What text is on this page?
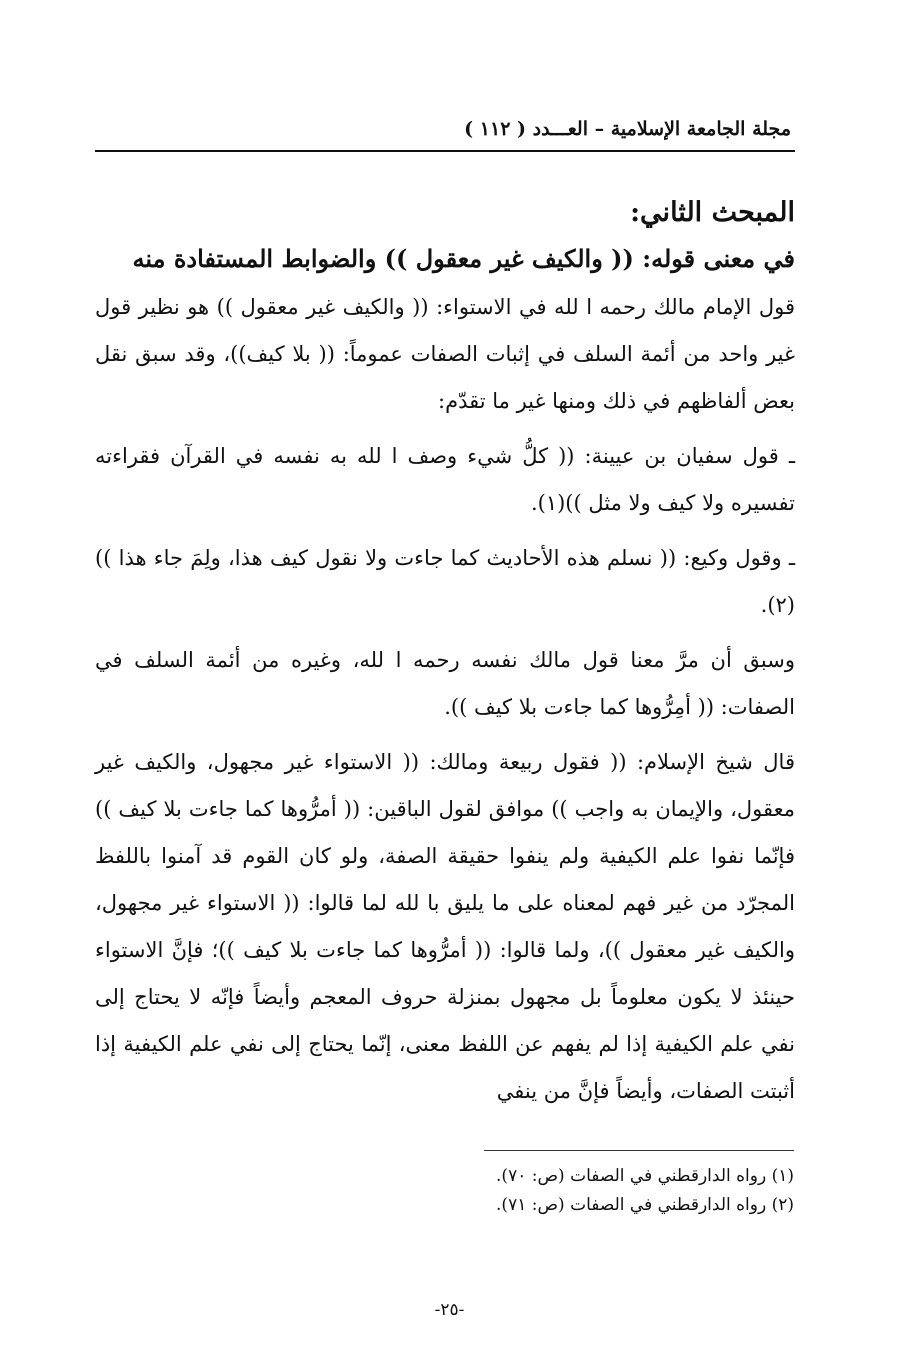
مجلة الجامعة الإسلامية – العـــدد ( ١١٢ )
المبحث الثاني:
في معنى قوله: (( والكيف غير معقول )) والضوابط المستفادة منه

قول الإمام مالك رحمه ا لله في الاستواء: (( والكيف غير معقول )) هو نظير قول غير واحد من أئمة السلف في إثبات الصفات عموماً: (( بلا كيف))، وقد سبق نقل بعض ألفاظهم في ذلك ومنها غير ما تقدّم:

ـ قول سفيان بن عيينة: (( كلُّ شيء وصف ا لله به نفسه في القرآن فقراءته تفسيره ولا كيف ولا مثل ))(١).

ـ وقول وكيع: (( نسلم هذه الأحاديث كما جاءت ولا نقول كيف هذا، ولِمَ جاء هذا ))(٢).

وسبق أن مرَّ معنا قول مالك نفسه رحمه ا لله، وغيره من أئمة السلف في الصفات: (( أمِرُّوها كما جاءت بلا كيف )).

قال شيخ الإسلام: (( فقول ربيعة ومالك: (( الاستواء غير مجهول، والكيف غير معقول، والإيمان به واجب )) موافق لقول الباقين: (( أمرُّوها كما جاءت بلا كيف )) فإنّما نفوا علم الكيفية ولم ينفوا حقيقة الصفة، ولو كان القوم قد آمنوا باللفظ المجرّد من غير فهم لمعناه على ما يليق با لله لما قالوا: (( الاستواء غير مجهول، والكيف غير معقول ))، ولما قالوا: (( أمرُّوها كما جاءت بلا كيف ))؛ فإنَّ الاستواء حينئذ لا يكون معلوماً بل مجهول بمنزلة حروف المعجم وأيضاً فإنّه لا يحتاج إلى نفي علم الكيفية إذا لم يفهم عن اللفظ معنى، إنّما يحتاج إلى نفي علم الكيفية إذا أثبتت الصفات، وأيضاً فإنَّ من ينفي

(١) رواه الدارقطني في الصفات (ص: ٧٠).

(٢) رواه الدارقطني في الصفات (ص: ٧١).

-٢٥-
